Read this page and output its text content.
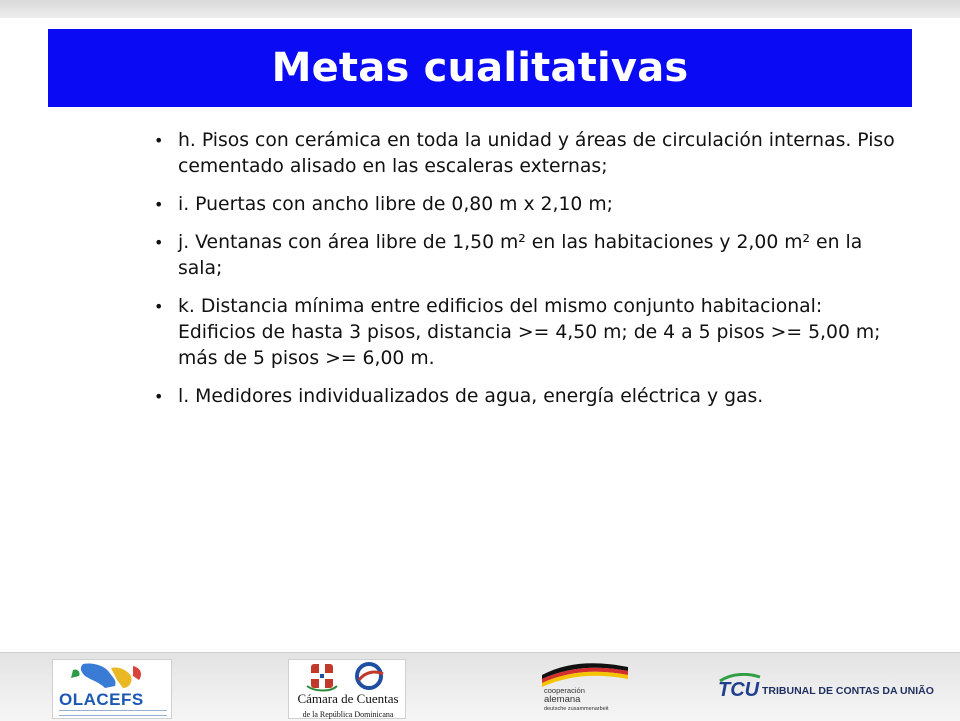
Metas cualitativas
• h. Pisos con cerámica en toda la unidad y áreas de circulación internas. Piso cementado alisado en las escaleras externas;
• i. Puertas con ancho libre de 0,80 m x 2,10 m;
• j. Ventanas con área libre de 1,50 m² en las habitaciones y 2,00 m² en la sala;
• k. Distancia mínima entre edificios del mismo conjunto habitacional: Edificios de hasta 3 pisos, distancia >= 4,50 m; de 4 a 5 pisos >= 5,00 m; más de 5 pisos >= 6,00 m.
• l. Medidores individualizados de agua, energía eléctrica y gas.
OLACEFS	Cámara de Cuentas
de la República Dominicana
cooperación
alemana
deutsche zusammenarbeit
TCU TRIBUNAL DE CONTAS DA UNIÃO
